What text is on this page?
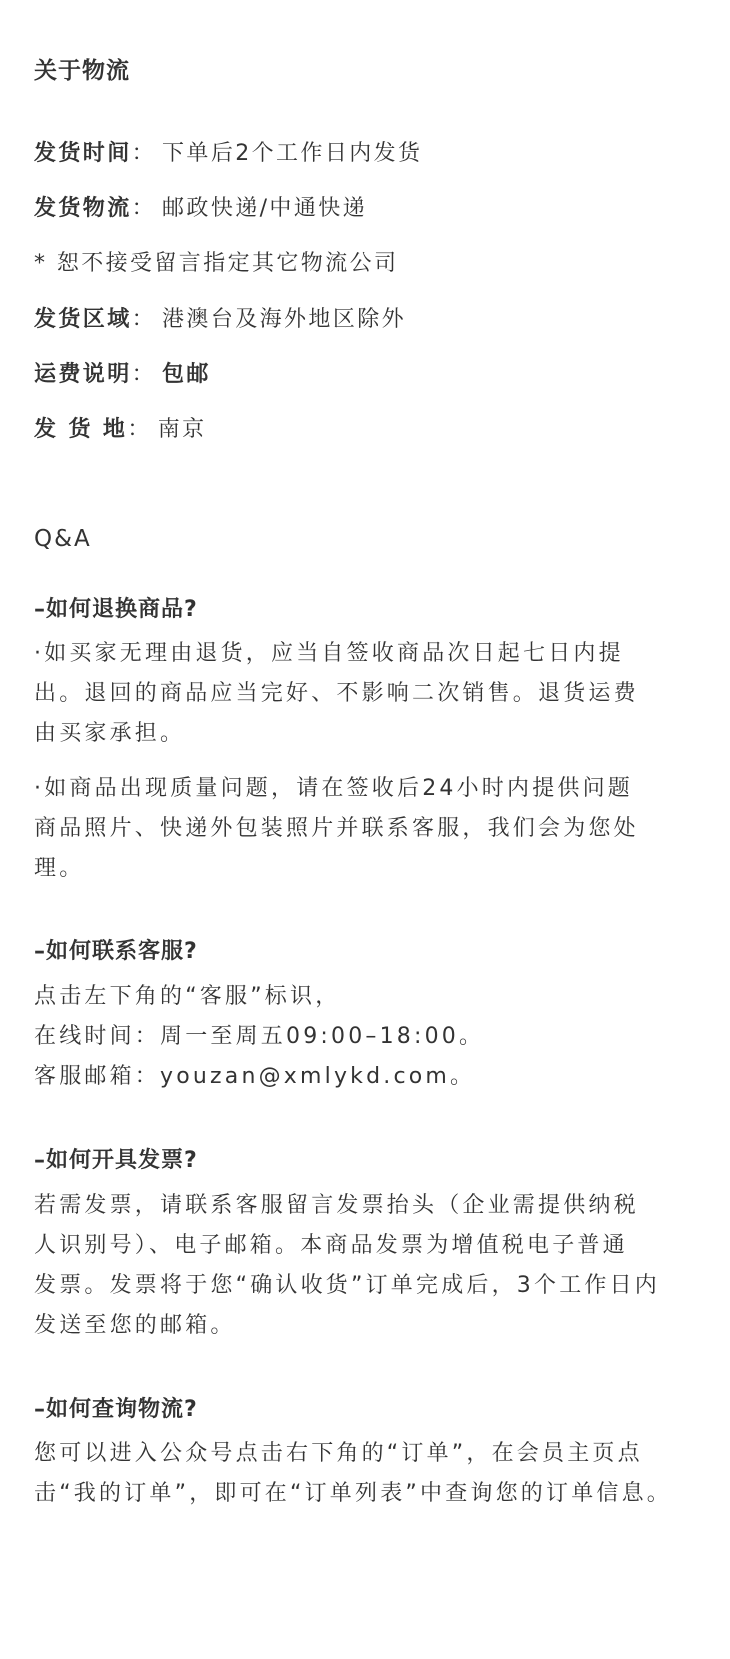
关于物流
发货时间： 下单后2个工作日内发货
发货物流： 邮政快递/中通快递
* 恕不接受留言指定其它物流公司
发货区域： 港澳台及海外地区除外
运费说明： 包邮
发 货 地： 南京
Q&A
–如何退换商品?
·如买家无理由退货，应当自签收商品次日起七日内提
出。退回的商品应当完好、不影响二次销售。退货运费
由买家承担。
·如商品出现质量问题，请在签收后24小时内提供问题
商品照片、快递外包装照片并联系客服，我们会为您处
理。
–如何联系客服?
点击左下角的“客服”标识，
在线时间：周一至周五09:00–18:00。
客服邮箱：youzan@xmlykd.com。
–如何开具发票?
若需发票，请联系客服留言发票抬头（企业需提供纳税
人识别号）、电子邮箱。本商品发票为增值税电子普通
发票。发票将于您“确认收货”订单完成后，3个工作日内
发送至您的邮箱。
–如何查询物流?
您可以进入公众号点击右下角的“订单”，在会员主页点
击“我的订单”，即可在“订单列表”中查询您的订单信息。
